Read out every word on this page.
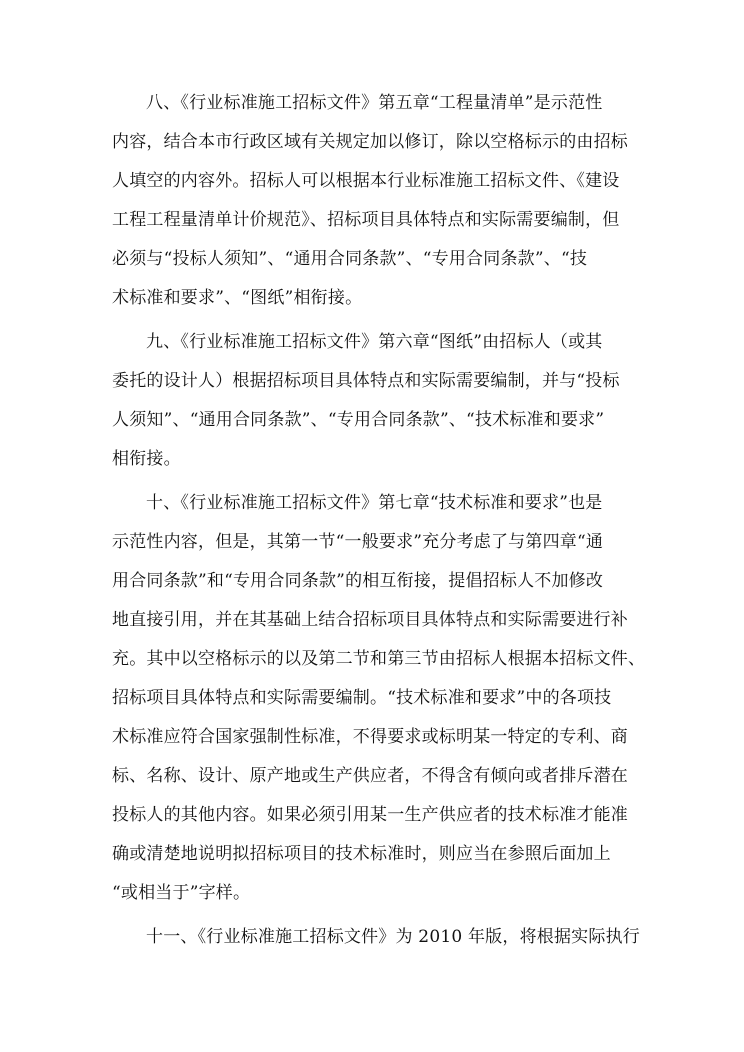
八、《行业标准施工招标文件》第五章“工程量清单”是示范性
内容，结合本市行政区域有关规定加以修订，除以空格标示的由招标
人填空的内容外。招标人可以根据本行业标准施工招标文件、《建设
工程工程量清单计价规范》、招标项目具体特点和实际需要编制，但
必须与“投标人须知”、“通用合同条款”、“专用合同条款”、“技
术标准和要求”、“图纸”相衔接。
九、《行业标准施工招标文件》第六章“图纸”由招标人（或其
委托的设计人）根据招标项目具体特点和实际需要编制，并与“投标
人须知”、“通用合同条款”、“专用合同条款”、“技术标准和要求”
相衔接。
十、《行业标准施工招标文件》第七章“技术标准和要求”也是
示范性内容，但是，其第一节“一般要求”充分考虑了与第四章“通
用合同条款”和“专用合同条款”的相互衔接，提倡招标人不加修改
地直接引用，并在其基础上结合招标项目具体特点和实际需要进行补
充。其中以空格标示的以及第二节和第三节由招标人根据本招标文件、
招标项目具体特点和实际需要编制。“技术标准和要求”中的各项技
术标准应符合国家强制性标准，不得要求或标明某一特定的专利、商
标、名称、设计、原产地或生产供应者，不得含有倾向或者排斥潜在
投标人的其他内容。如果必须引用某一生产供应者的技术标准才能准
确或清楚地说明拟招标项目的技术标准时，则应当在参照后面加上
“或相当于”字样。
十一、《行业标准施工招标文件》为 2010 年版，将根据实际执行
